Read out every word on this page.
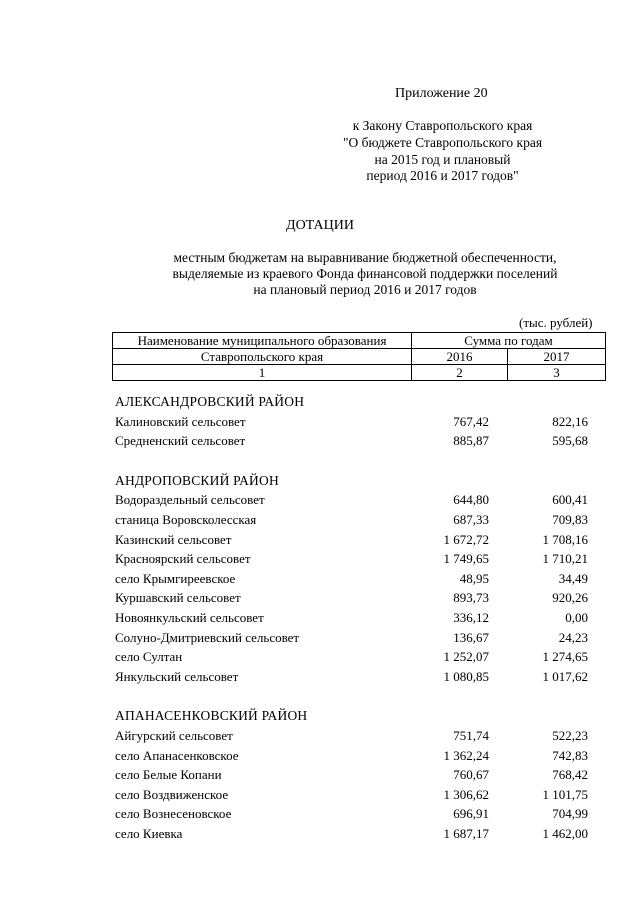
Приложение 20
к Закону Ставропольского края
"О бюджете Ставропольского края
на 2015 год и плановый
период 2016 и 2017 годов"
ДОТАЦИИ
местным бюджетам на выравнивание бюджетной обеспеченности,
выделяемые из краевого Фонда финансовой поддержки поселений
на плановый период 2016 и 2017 годов
(тыс. рублей)
Наименование муниципального образования	Сумма по годам	
Ставропольского края	2016	2017
1	2	3
АЛЕКСАНДРОВСКИЙ РАЙОН
Калиновский сельсовет	767,42	822,16
Средненский сельсовет	885,87	595,68
АНДРОПОВСКИЙ РАЙОН
Водораздельный сельсовет	644,80	600,41
станица Воровсколесская	687,33	709,83
Казинский сельсовет	1 672,72	1 708,16
Красноярский сельсовет	1 749,65	1 710,21
село Крымгиреевское	48,95	34,49
Куршавский сельсовет	893,73	920,26
Новоянкульский сельсовет	336,12	0,00
Солуно-Дмитриевский сельсовет	136,67	24,23
село Султан	1 252,07	1 274,65
Янкульский сельсовет	1 080,85	1 017,62
АПАНАСЕНКОВСКИЙ РАЙОН
Айгурский сельсовет	751,74	522,23
село Апанасенковское	1 362,24	742,83
село Белые Копани	760,67	768,42
село Воздвиженское	1 306,62	1 101,75
село Вознесеновское	696,91	704,99
село Киевка	1 687,17	1 462,00
